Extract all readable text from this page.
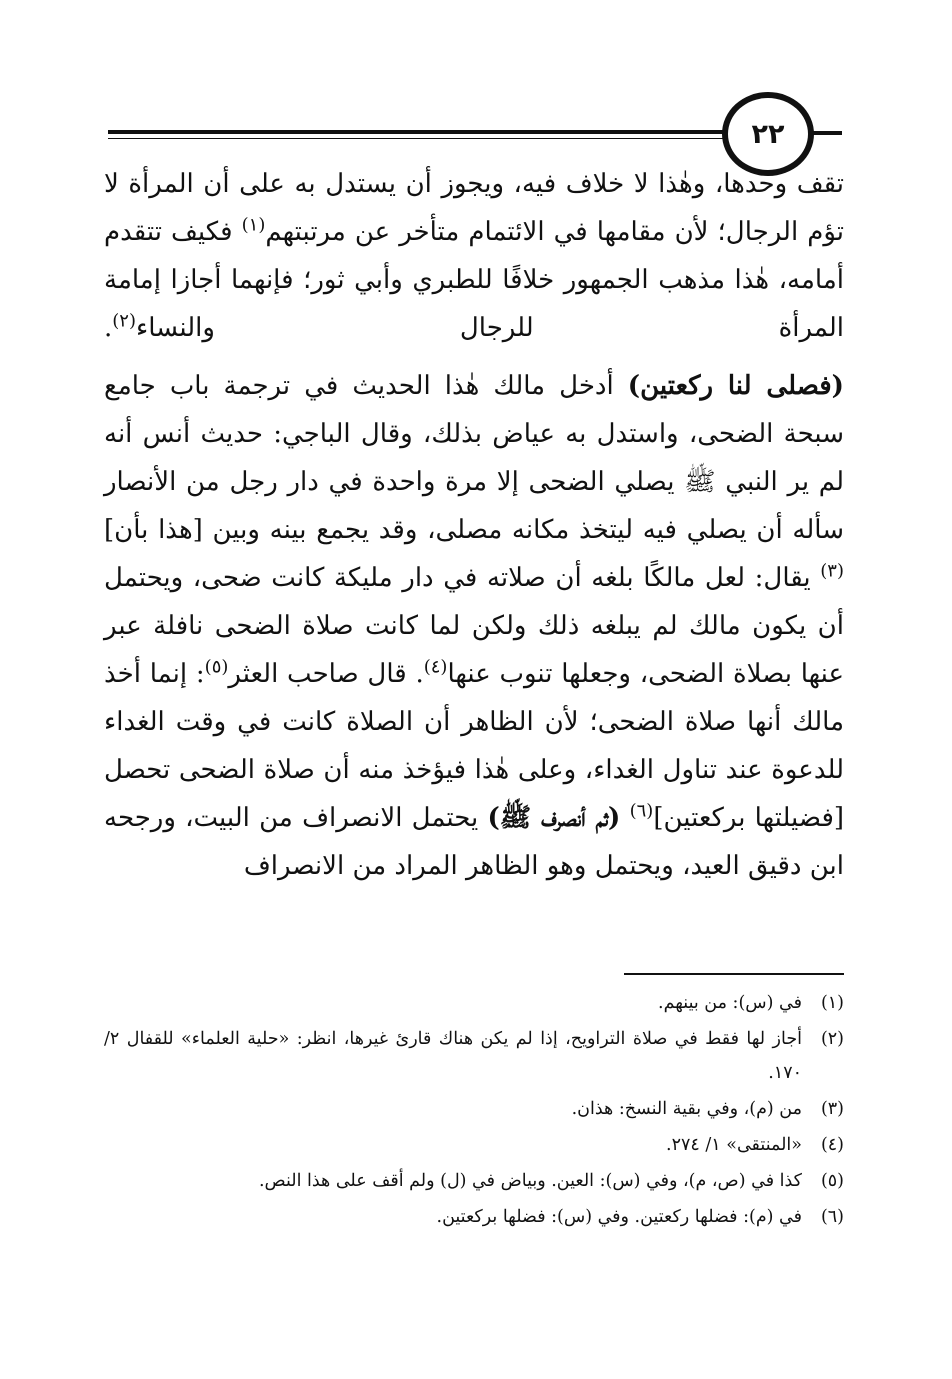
٢٢

تقف وحدها، وهٰذا لا خلاف فيه، ويجوز أن يستدل به على أن المرأة لا تؤم الرجال؛ لأن مقامها في الائتمام متأخر عن مرتبتهم$^{(١)}$ فكيف تتقدم أمامه، هٰذا مذهب الجمهور خلافًا للطبري وأبي ثور؛ فإنهما أجازا إمامة المرأة للرجال والنساء$^{(٢)}$.

(فصلى لنا ركعتين) أدخل مالك هٰذا الحديث في ترجمة باب جامع سبحة الضحى، واستدل به عياض بذلك، وقال الباجي: حديث أنس أنه لم ير النبي ﷺ يصلي الضحى إلا مرة واحدة في دار رجل من الأنصار سأله أن يصلي فيه ليتخذ مكانه مصلى، وقد يجمع بينه وبين [هذا بأن]$^{(٣)}$ يقال: لعل مالكًا بلغه أن صلاته في دار مليكة كانت ضحى، ويحتمل أن يكون مالك لم يبلغه ذلك ولكن لما كانت صلاة الضحى نافلة عبر عنها بصلاة الضحى، وجعلها تنوب عنها$^{(٤)}$. قال صاحب العثر$^{(٥)}$: إنما أخذ مالك أنها صلاة الضحى؛ لأن الظاهر أن الصلاة كانت في وقت الغداء للدعوة عند تناول الغداء، وعلى هٰذا فيؤخذ منه أن صلاة الضحى تحصل [فضيلتها بركعتين]$^{(٦)}$ (ثم أنصرف ﷺ) يحتمل الانصراف من البيت، ورجحه ابن دقيق العيد، ويحتمل وهو الظاهر المراد من الانصراف

(١)
في (س): من بينهم.
(٢)
أجاز لها فقط في صلاة التراويح، إذا لم يكن هناك قارئ غيرها، انظر: «حلية العلماء» للقفال ٢/ ١٧٠.
(٣)
من (م)، وفي بقية النسخ: هذان.
(٤)
«المنتقى» ١/ ٢٧٤.
(٥)
كذا في (ص، م)، وفي (س): العين. وبياض في (ل) ولم أقف على هذا النص.
(٦)
في (م): فضلها ركعتين. وفي (س): فضلها بركعتين.
